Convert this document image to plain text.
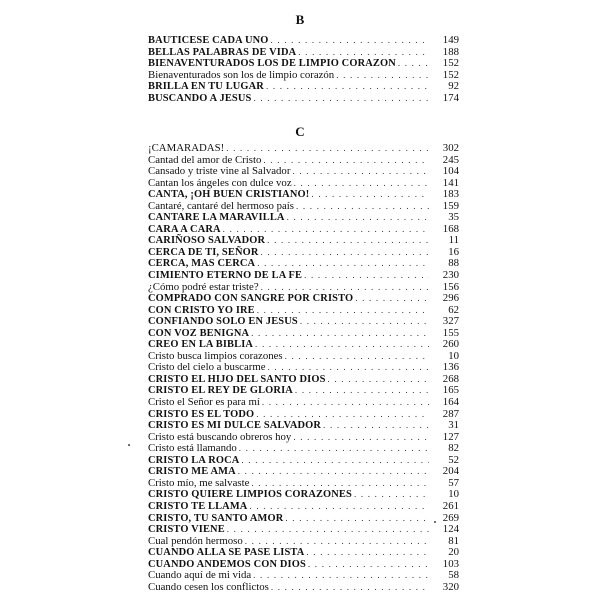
B
BAUTICESE CADA UNO . . .	149
BELLAS PALABRAS DE VIDA . . .	188
BIENAVENTURADOS LOS DE LIMPIO CORAZON . . .	152
Bienaventurados son los de limpio corazón . . .	152
BRILLA EN TU LUGAR . . .	92
BUSCANDO A JESUS . . .	174
C
¡CAMARADAS! . . .	302
Cantad del amor de Cristo . . .	245
Cansado y triste vine al Salvador . . .	104
Cantan los ángeles con dulce voz . . .	141
CANTA, ¡OH BUEN CRISTIANO! . . .	183
Cantaré, cantaré del hermoso país . . .	159
CANTARE LA MARAVILLA . . .	35
CARA A CARA . . .	168
CARIÑOSO SALVADOR . . .	11
CERCA DE TI, SEÑOR . . .	16
CERCA, MAS CERCA . . .	88
CIMIENTO ETERNO DE LA FE . . .	230
¿Cómo podré estar triste? . . .	156
COMPRADO CON SANGRE POR CRISTO . . .	296
CON CRISTO YO IRE . . .	62
CONFIANDO SOLO EN JESUS . . .	327
CON VOZ BENIGNA . . .	155
CREO EN LA BIBLIA . . .	260
Cristo busca limpios corazones . . .	10
Cristo del cielo a buscarme . . .	136
CRISTO EL HIJO DEL SANTO DIOS . . .	268
CRISTO EL REY DE GLORIA . . .	165
Cristo el Señor es para mí . . .	164
CRISTO ES EL TODO . . .	287
CRISTO ES MI DULCE SALVADOR . . .	31
Cristo está buscando obreros hoy . . .	127
Cristo está llamando . . .	82
CRISTO LA ROCA . . .	52
CRISTO ME AMA . . .	204
Cristo mío, me salvaste . . .	57
CRISTO QUIERE LIMPIOS CORAZONES . . .	10
CRISTO TE LLAMA . . .	261
CRISTO, TU SANTO AMOR . . .	269
CRISTO VIENE . . .	124
Cual pendón hermoso . . .	81
CUANDO ALLA SE PASE LISTA . . .	20
CUANDO ANDEMOS CON DIOS . . .	103
Cuando aquí de mi vida . . .	58
Cuando cesen los conflictos . . .	320
